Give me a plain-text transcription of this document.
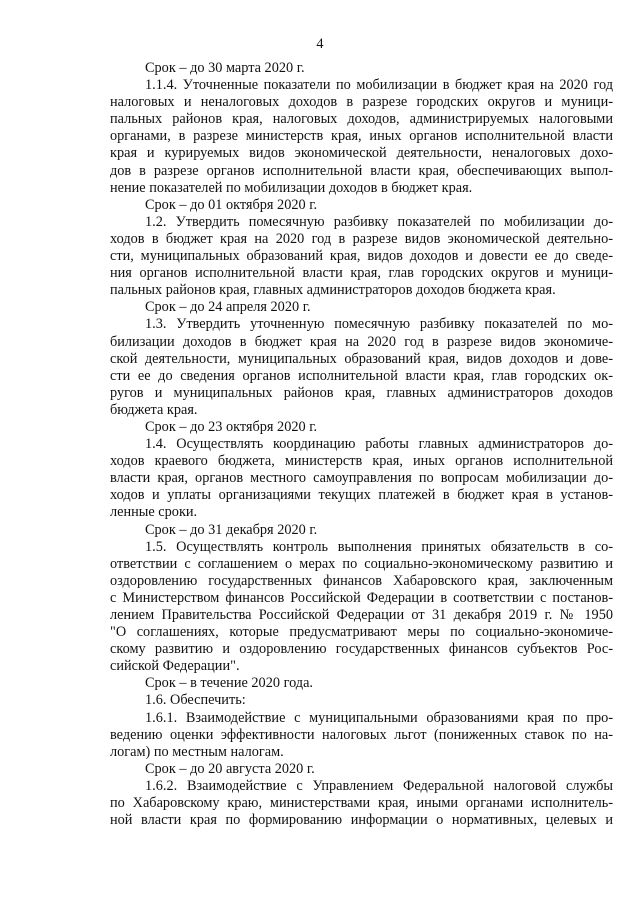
4
Срок – до 30 марта 2020 г.
1.1.4. Уточненные показатели по мобилизации в бюджет края на 2020 год
налоговых и неналоговых доходов в разрезе городских округов и муници-
пальных районов края, налоговых доходов, администрируемых налоговыми
органами, в разрезе министерств края, иных органов исполнительной власти
края и курируемых видов экономической деятельности, неналоговых дохо-
дов в разрезе органов исполнительной власти края, обеспечивающих выпол-
нение показателей по мобилизации доходов в бюджет края.
Срок – до 01 октября 2020 г.
1.2. Утвердить помесячную разбивку показателей по мобилизации до-
ходов в бюджет края на 2020 год в разрезе видов экономической деятельно-
сти, муниципальных образований края, видов доходов и довести ее до сведе-
ния органов исполнительной власти края, глав городских округов и муници-
пальных районов края, главных администраторов доходов бюджета края.
Срок – до 24 апреля 2020 г.
1.3. Утвердить уточненную помесячную разбивку показателей по мо-
билизации доходов в бюджет края на 2020 год в разрезе видов экономиче-
ской деятельности, муниципальных образований края, видов доходов и дове-
сти ее до сведения органов исполнительной власти края, глав городских ок-
ругов и муниципальных районов края, главных администраторов доходов
бюджета края.
Срок – до 23 октября 2020 г.
1.4. Осуществлять координацию работы главных администраторов до-
ходов краевого бюджета, министерств края, иных органов исполнительной
власти края, органов местного самоуправления по вопросам мобилизации до-
ходов и уплаты организациями текущих платежей в бюджет края в установ-
ленные сроки.
Срок – до 31 декабря 2020 г.
1.5. Осуществлять контроль выполнения принятых обязательств в со-
ответствии с соглашением о мерах по социально-экономическому развитию и
оздоровлению государственных финансов Хабаровского края, заключенным
с Министерством финансов Российской Федерации в соответствии с постанов-
лением Правительства Российской Федерации от 31 декабря 2019 г. № 1950
"О соглашениях, которые предусматривают меры по социально-экономиче-
скому развитию и оздоровлению государственных финансов субъектов Рос-
сийской Федерации".
Срок – в течение 2020 года.
1.6. Обеспечить:
1.6.1. Взаимодействие с муниципальными образованиями края по про-
ведению оценки эффективности налоговых льгот (пониженных ставок по на-
логам) по местным налогам.
Срок – до 20 августа 2020 г.
1.6.2. Взаимодействие с Управлением Федеральной налоговой службы
по Хабаровскому краю, министерствами края, иными органами исполнитель-
ной власти края по формированию информации о нормативных, целевых и
